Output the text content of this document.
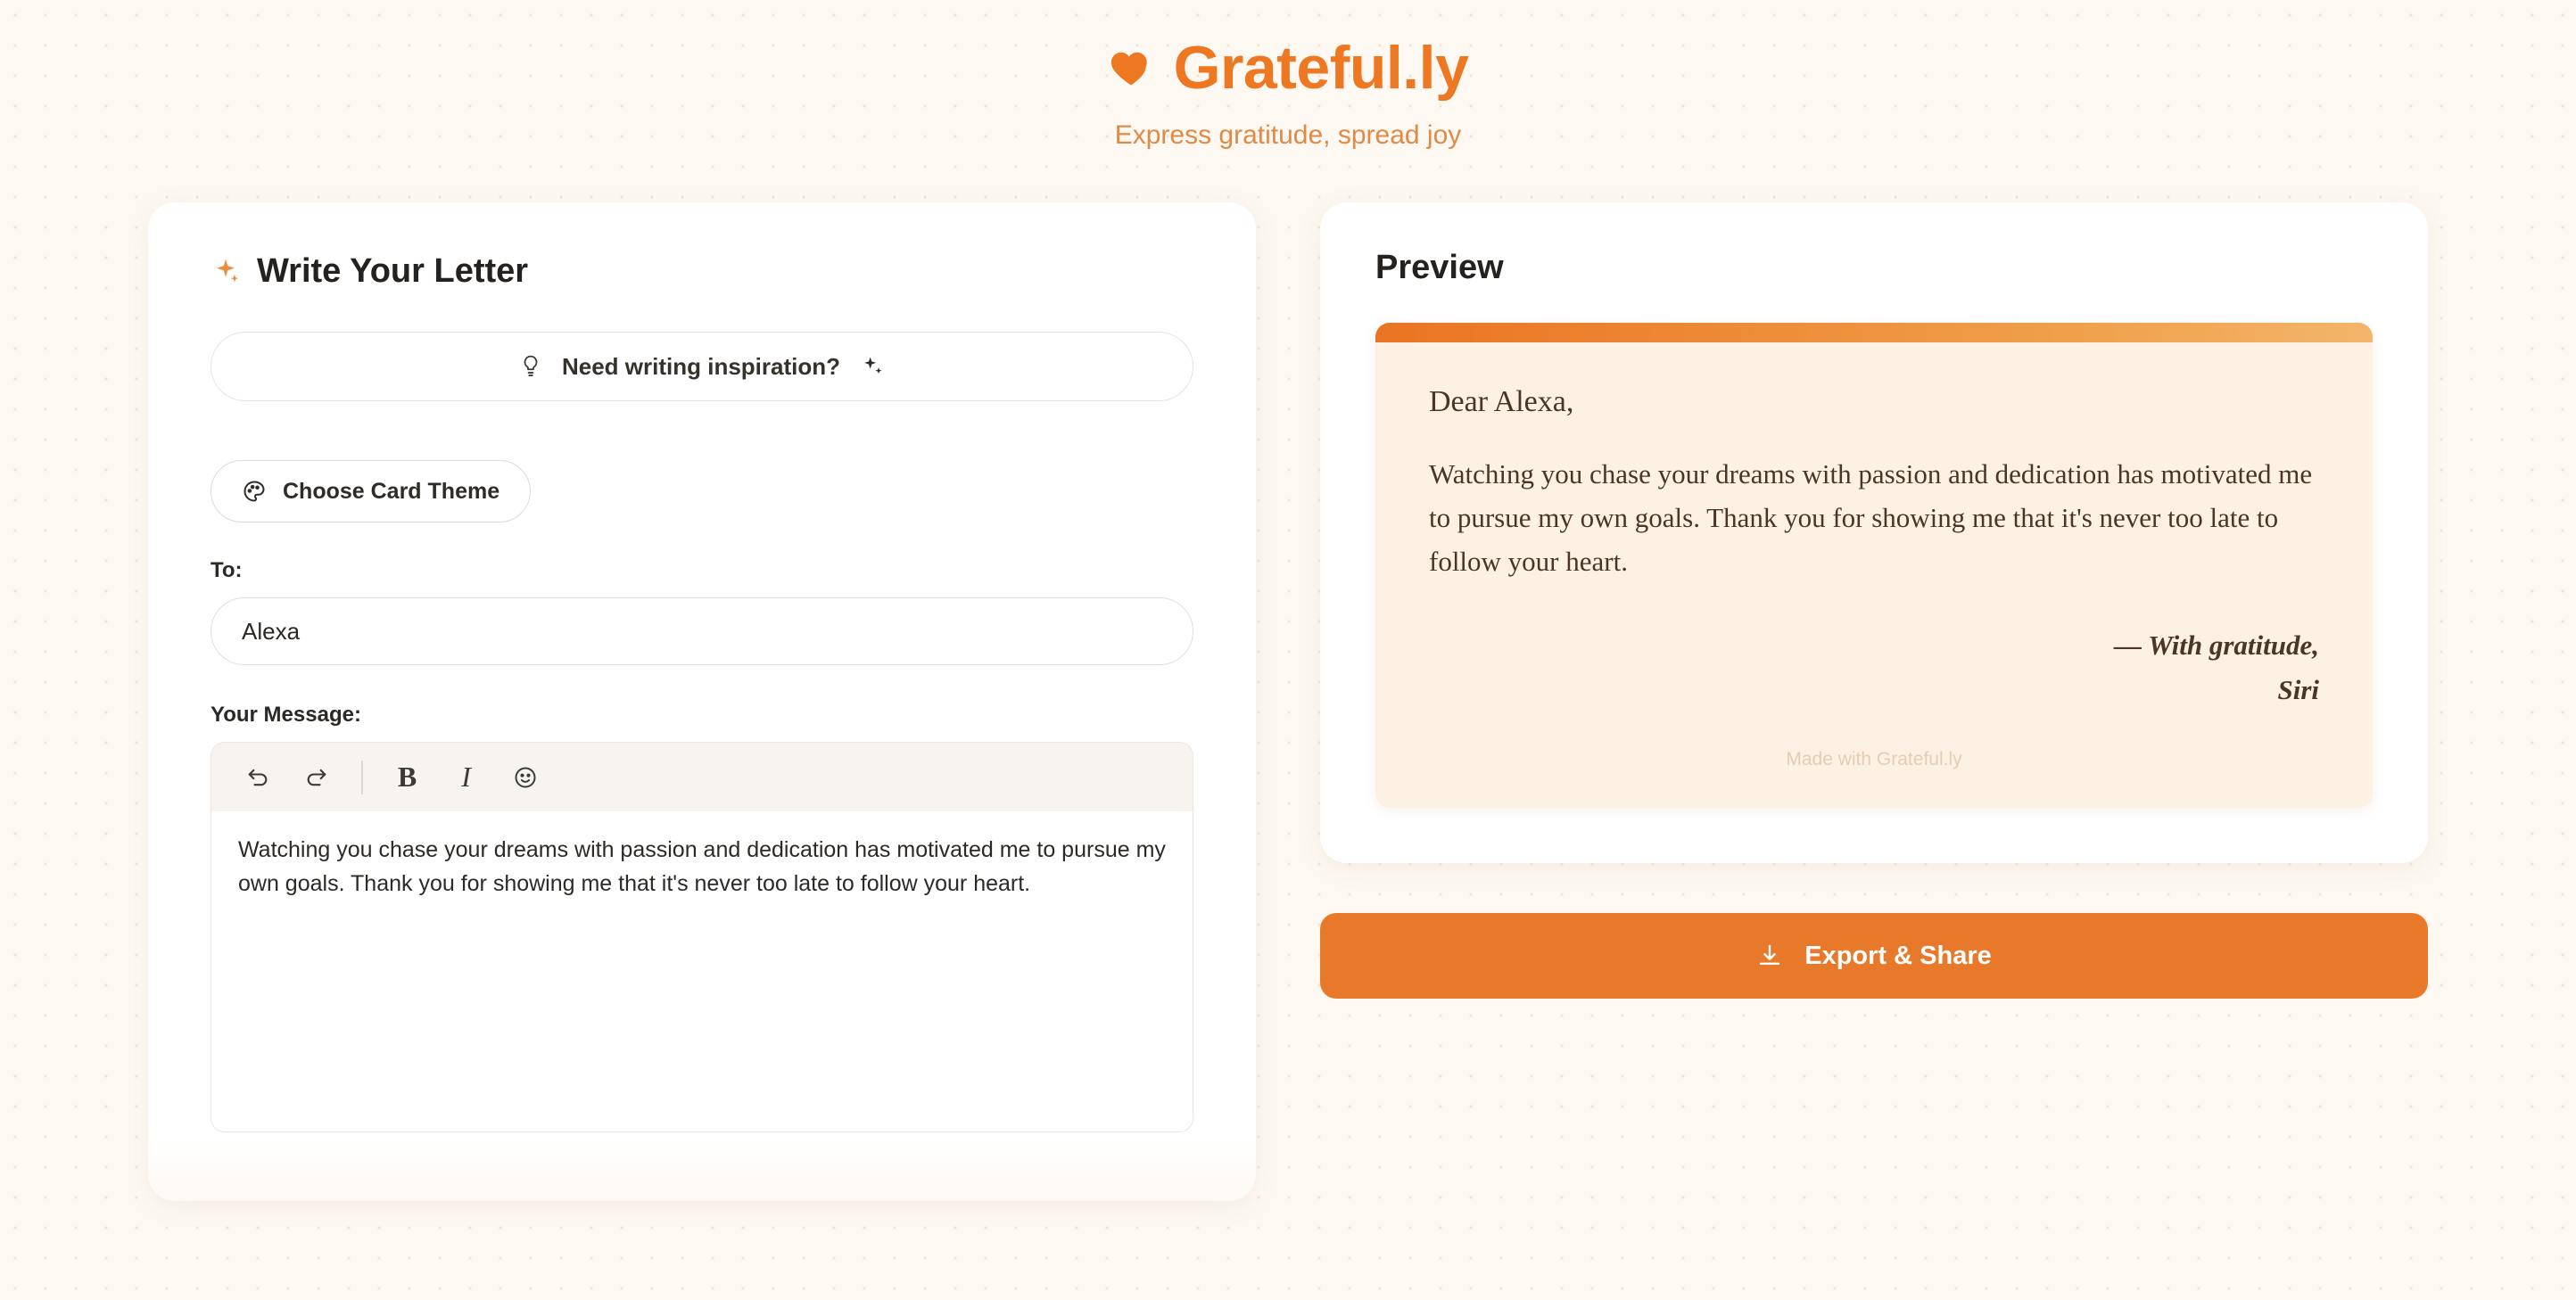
Grateful.ly
Express gratitude, spread joy
Write Your Letter
Need writing inspiration?
Choose Card Theme
To:
Alexa
Your Message:
B	I
Watching you chase your dreams with passion and dedication has motivated me to pursue my own goals. Thank you for showing me that it's never too late to follow your heart.
Preview
Dear Alexa,

Watching you chase your dreams with passion and dedication has motivated me to pursue my own goals. Thank you for showing me that it's never too late to follow your heart.

— With gratitude,
Siri
Made with Grateful.ly
Export & Share
